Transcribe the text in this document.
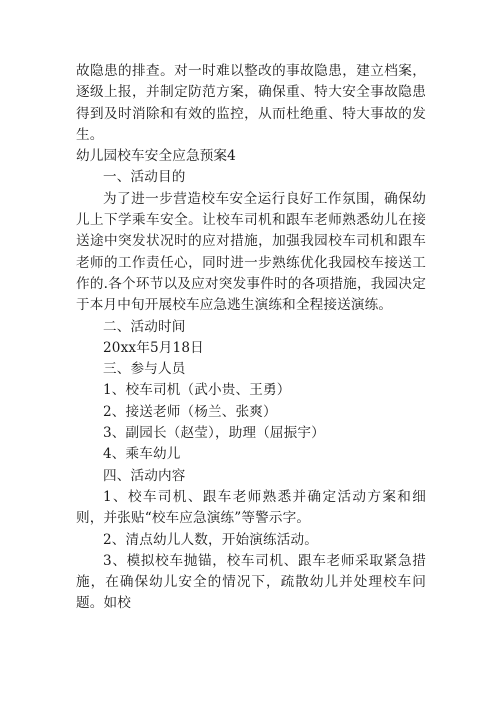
故隐患的排查。对一时难以整改的事故隐患，建立档案，逐级上报，并制定防范方案，确保重、特大安全事故隐患得到及时消除和有效的监控，从而杜绝重、特大事故的发生。

幼儿园校车安全应急预案4

一、活动目的

为了进一步营造校车安全运行良好工作氛围，确保幼儿上下学乘车安全。让校车司机和跟车老师熟悉幼儿在接送途中突发状况时的应对措施，加强我园校车司机和跟车老师的工作责任心，同时进一步熟练优化我园校车接送工作的.各个环节以及应对突发事件时的各项措施，我园决定于本月中旬开展校车应急逃生演练和全程接送演练。

二、活动时间

20xx年5月18日

三、参与人员

1、校车司机（武小贵、王勇）

2、接送老师（杨兰、张爽）

3、副园长（赵莹），助理（屈振宇）

4、乘车幼儿

四、活动内容

1、校车司机、跟车老师熟悉并确定活动方案和细则，并张贴“校车应急演练”等警示字。

2、清点幼儿人数，开始演练活动。

3、模拟校车抛锚，校车司机、跟车老师采取紧急措施，在确保幼儿安全的情况下，疏散幼儿并处理校车问题。如校
